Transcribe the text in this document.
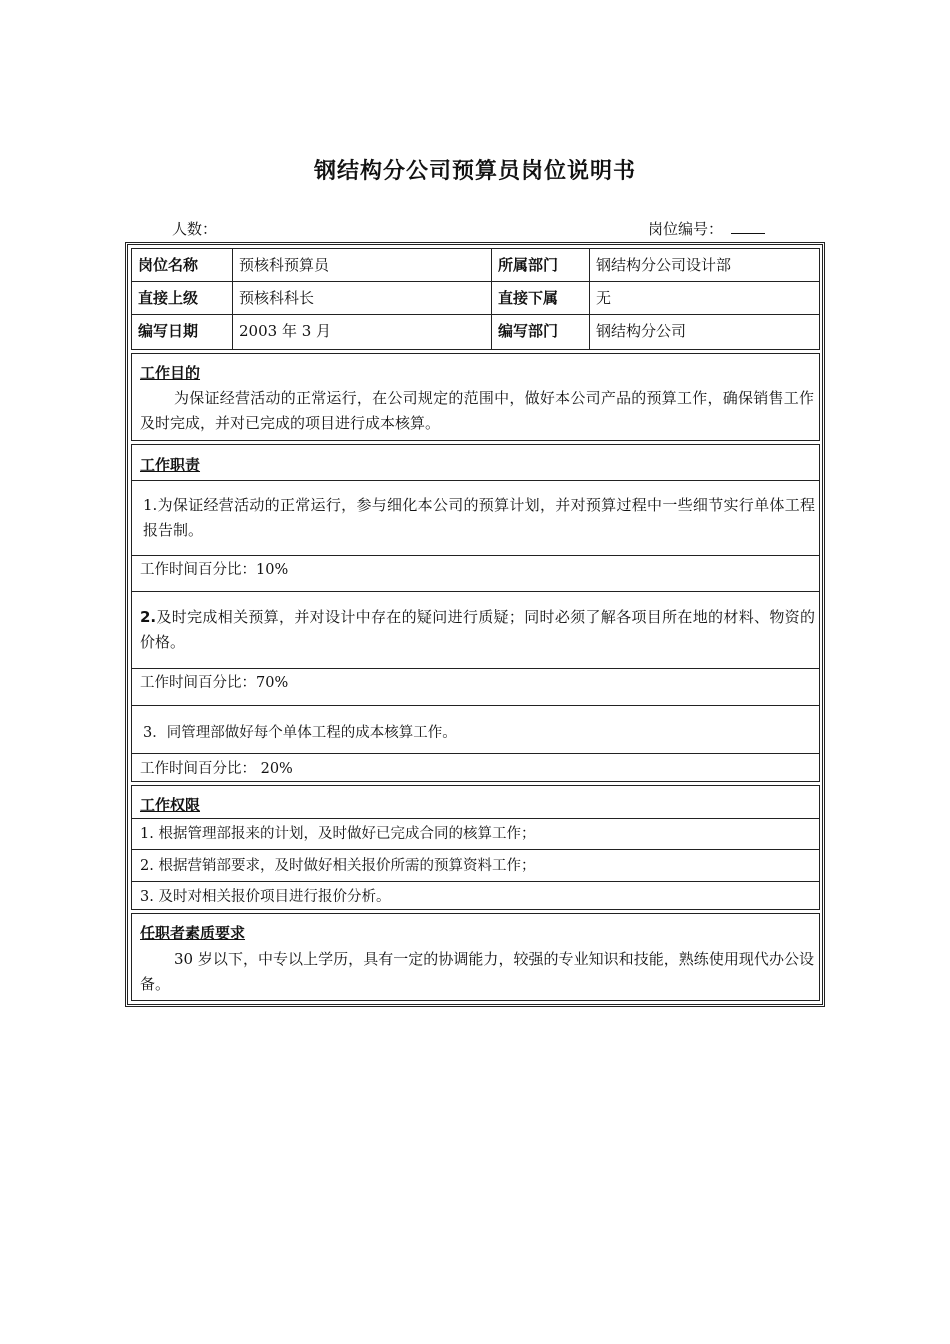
钢结构分公司预算员岗位说明书
人数：	岗位编号：
岗位名称	预核科预算员	所属部门	钢结构分公司设计部
直接上级	预核科科长	直接下属	无
编写日期	2003 年 3 月	编写部门	钢结构分公司
工作目的
为保证经营活动的正常运行，在公司规定的范围中，做好本公司产品的预算工作，确保销售工作及时完成，并对已完成的项目进行成本核算。
工作职责
1.为保证经营活动的正常运行，参与细化本公司的预算计划，并对预算过程中一些细节实行单体工程报告制。
工作时间百分比：10%
2.及时完成相关预算，并对设计中存在的疑问进行质疑；同时必须了解各项目所在地的材料、物资的价格。
工作时间百分比：70%
3．同管理部做好每个单体工程的成本核算工作。
工作时间百分比： 20%
工作权限
1. 根据管理部报来的计划，及时做好已完成合同的核算工作；
2. 根据营销部要求，及时做好相关报价所需的预算资料工作；
3. 及时对相关报价项目进行报价分析。
任职者素质要求
30 岁以下，中专以上学历，具有一定的协调能力，较强的专业知识和技能，熟练使用现代办公设备。
